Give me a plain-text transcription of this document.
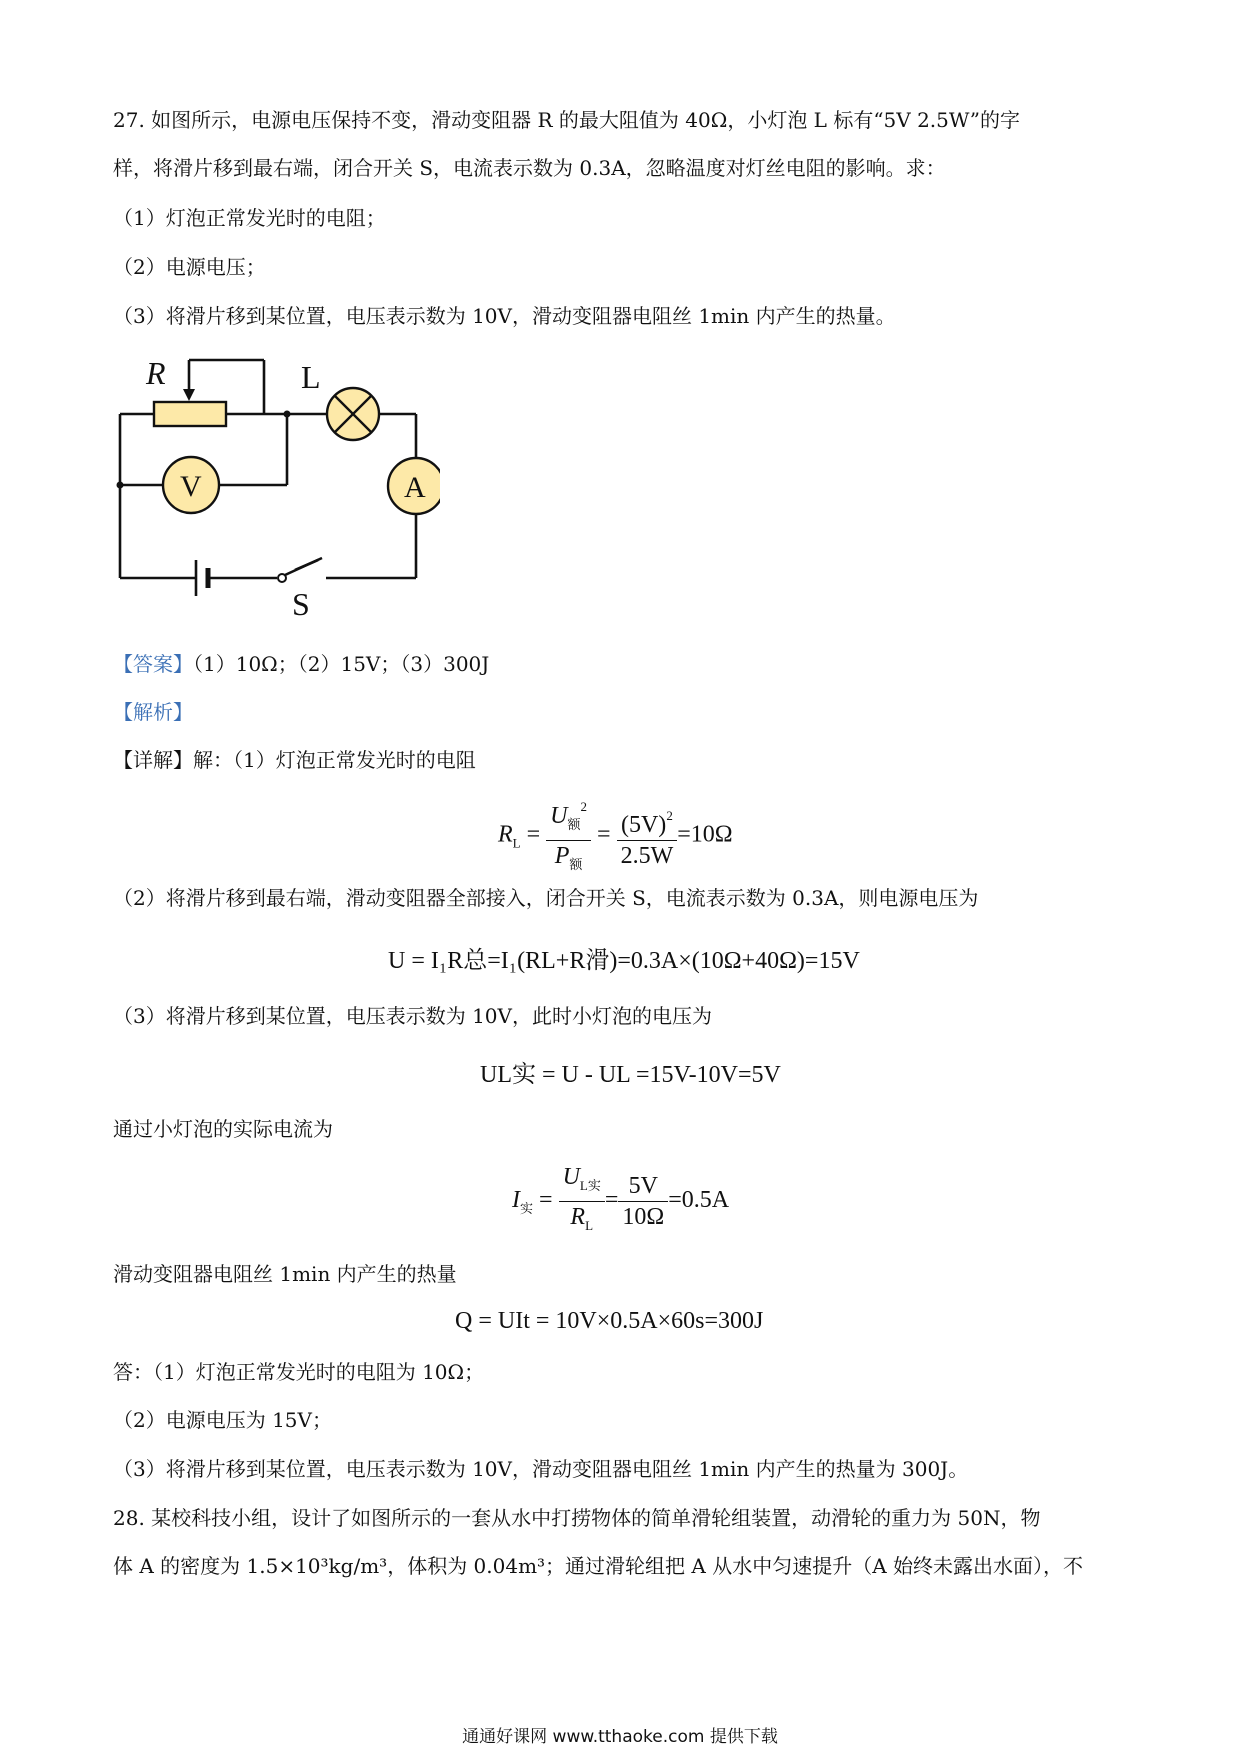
27. 如图所示，电源电压保持不变，滑动变阻器 R 的最大阻值为 40Ω，小灯泡 L 标有“5V 2.5W”的字
样，将滑片移到最右端，闭合开关 S，电流表示数为 0.3A，忽略温度对灯丝电阻的影响。求：
（1）灯泡正常发光时的电阻；
（2）电源电压；
（3）将滑片移到某位置，电压表示数为 10V，滑动变阻器电阻丝 1min 内产生的热量。
R	L
V	A
S
【答案】（1）10Ω；（2）15V；（3）300J
【解析】
【详解】解：（1）灯泡正常发光时的电阻
$R_L = \frac{U_额^2}{P_额} = \frac{(5V)^2}{2.5W} =10\Omega$
（2）将滑片移到最右端，滑动变阻器全部接入，闭合开关 S，电流表示数为 0.3A，则电源电压为
U = I₁R总=I₁(RL+R滑)=0.3A×(10Ω+40Ω)=15V
（3）将滑片移到某位置，电压表示数为 10V，此时小灯泡的电压为
UL实 = U - UL =15V-10V=5V
通过小灯泡的实际电流为
$I_实 = \frac{U_{L实}}{R_L} = \frac{5V}{10\Omega} =0.5A$
滑动变阻器电阻丝 1min 内产生的热量
Q = UIt = 10V×0.5A×60s=300J
答：（1）灯泡正常发光时的电阻为 10Ω；
（2）电源电压为 15V；
（3）将滑片移到某位置，电压表示数为 10V，滑动变阻器电阻丝 1min 内产生的热量为 300J。
28. 某校科技小组，设计了如图所示的一套从水中打捞物体的简单滑轮组装置，动滑轮的重力为 50N，物
体 A 的密度为 1.5×10³kg/m³，体积为 0.04m³；通过滑轮组把 A 从水中匀速提升（A 始终未露出水面），不
通通好课网 www.tthaoke.com 提供下载
